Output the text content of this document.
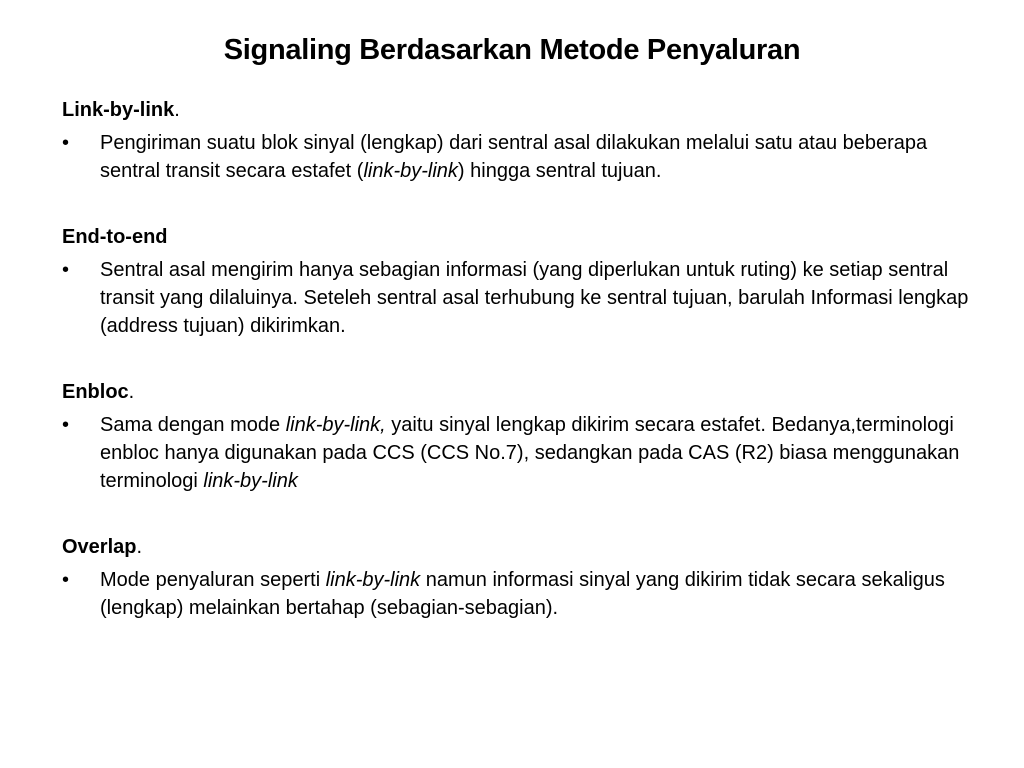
Signaling Berdasarkan Metode Penyaluran
Link-by-link.
•	Pengiriman suatu blok sinyal (lengkap) dari sentral asal dilakukan melalui satu atau beberapa sentral transit secara estafet (link-by-link) hingga sentral tujuan.
End-to-end
•	Sentral asal mengirim hanya sebagian informasi (yang diperlukan untuk ruting) ke setiap sentral transit yang dilaluinya. Seteleh sentral asal terhubung ke sentral tujuan, barulah Informasi lengkap (address tujuan) dikirimkan.
Enbloc.
•	Sama dengan mode link-by-link, yaitu sinyal lengkap dikirim secara estafet. Bedanya,terminologi enbloc hanya digunakan pada CCS (CCS No.7), sedangkan pada CAS (R2) biasa menggunakan terminologi link-by-link
Overlap.
•	Mode penyaluran seperti link-by-link namun informasi sinyal yang dikirim tidak secara sekaligus (lengkap) melainkan bertahap (sebagian-sebagian).
